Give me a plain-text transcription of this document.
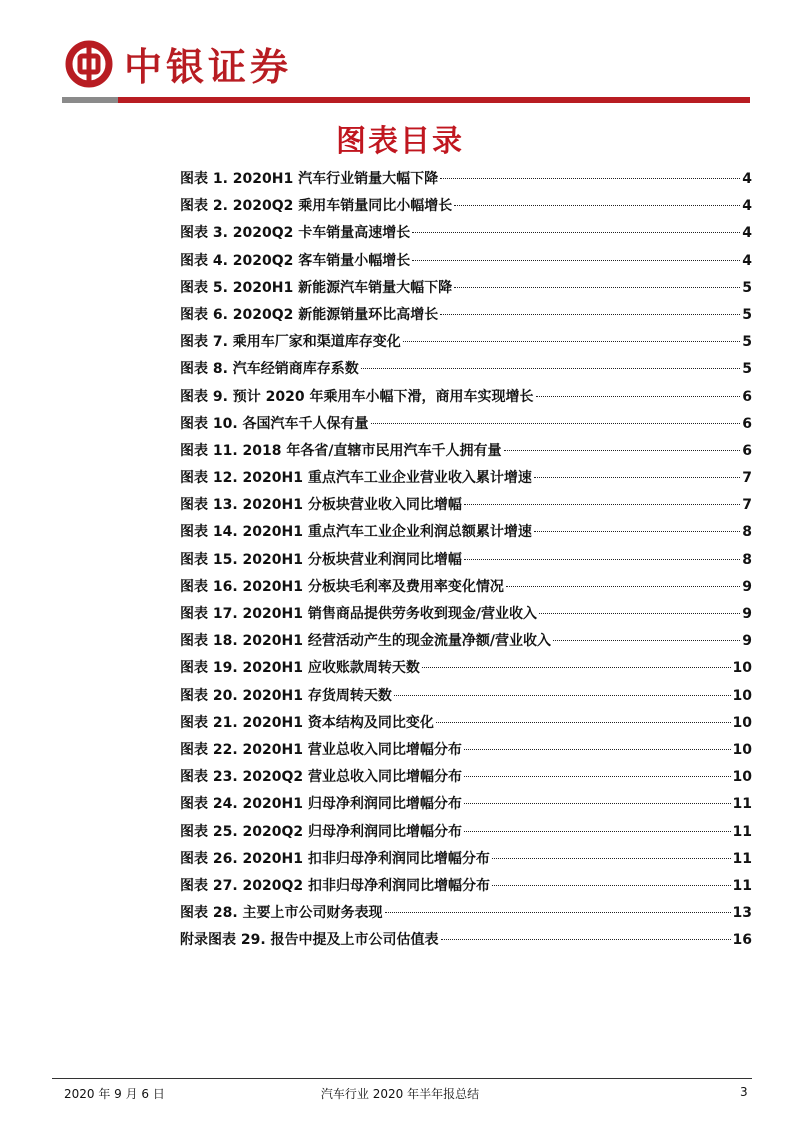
中银证券
图表目录
图表 1. 2020H1 汽车行业销量大幅下降	4
图表 2. 2020Q2 乘用车销量同比小幅增长	4
图表 3. 2020Q2 卡车销量高速增长	4
图表 4. 2020Q2 客车销量小幅增长	4
图表 5. 2020H1 新能源汽车销量大幅下降	5
图表 6. 2020Q2 新能源销量环比高增长	5
图表 7. 乘用车厂家和渠道库存变化	5
图表 8. 汽车经销商库存系数	5
图表 9. 预计 2020 年乘用车小幅下滑，商用车实现增长	6
图表 10. 各国汽车千人保有量	6
图表 11. 2018 年各省/直辖市民用汽车千人拥有量	6
图表 12. 2020H1 重点汽车工业企业营业收入累计增速	7
图表 13. 2020H1 分板块营业收入同比增幅	7
图表 14. 2020H1 重点汽车工业企业利润总额累计增速	8
图表 15. 2020H1 分板块营业利润同比增幅	8
图表 16. 2020H1 分板块毛利率及费用率变化情况	9
图表 17. 2020H1 销售商品提供劳务收到现金/营业收入	9
图表 18. 2020H1 经营活动产生的现金流量净额/营业收入	9
图表 19. 2020H1 应收账款周转天数	10
图表 20. 2020H1 存货周转天数	10
图表 21. 2020H1 资本结构及同比变化	10
图表 22. 2020H1 营业总收入同比增幅分布	10
图表 23. 2020Q2 营业总收入同比增幅分布	10
图表 24. 2020H1 归母净利润同比增幅分布	11
图表 25. 2020Q2 归母净利润同比增幅分布	11
图表 26. 2020H1 扣非归母净利润同比增幅分布	11
图表 27. 2020Q2 扣非归母净利润同比增幅分布	11
图表 28. 主要上市公司财务表现	13
附录图表 29. 报告中提及上市公司估值表	16
2020 年 9 月 6 日	汽车行业 2020 年半年报总结	3
